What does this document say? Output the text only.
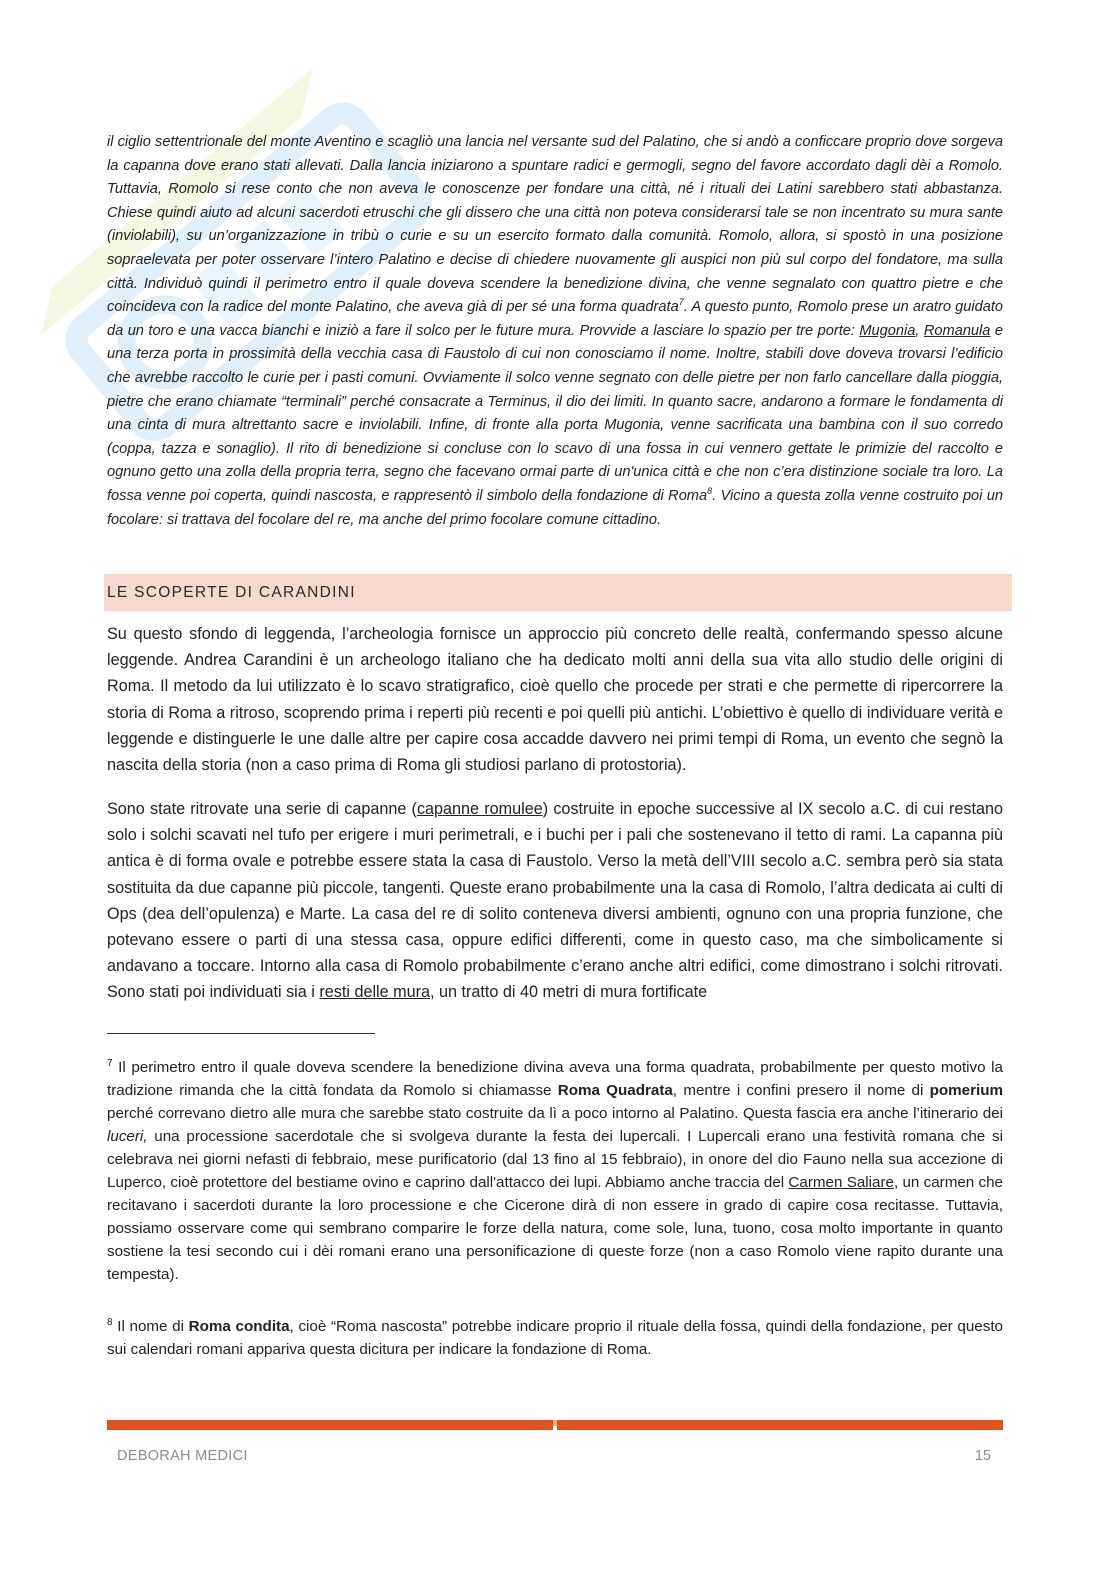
il ciglio settentrionale del monte Aventino e scagliò una lancia nel versante sud del Palatino, che si andò a conficcare proprio dove sorgeva la capanna dove erano stati allevati. Dalla lancia iniziarono a spuntare radici e germogli, segno del favore accordato dagli dèi a Romolo. Tuttavia, Romolo si rese conto che non aveva le conoscenze per fondare una città, né i rituali dei Latini sarebbero stati abbastanza. Chiese quindi aiuto ad alcuni sacerdoti etruschi che gli dissero che una città non poteva considerarsi tale se non incentrato su mura sante (inviolabili), su un’organizzazione in tribù o curie e su un esercito formato dalla comunità. Romolo, allora, si spostò in una posizione sopraelevata per poter osservare l’intero Palatino e decise di chiedere nuovamente gli auspici non più sul corpo del fondatore, ma sulla città. Individuò quindi il perimetro entro il quale doveva scendere la benedizione divina, che venne segnalato con quattro pietre e che coincideva con la radice del monte Palatino, che aveva già di per sé una forma quadrata$^7$. A questo punto, Romolo prese un aratro guidato da un toro e una vacca bianchi e iniziò a fare il solco per le future mura. Provvide a lasciare lo spazio per tre porte: Mugonia, Romanula e una terza porta in prossimità della vecchia casa di Faustolo di cui non conosciamo il nome. Inoltre, stabilì dove doveva trovarsi l’edificio che avrebbe raccolto le curie per i pasti comuni. Ovviamente il solco venne segnato con delle pietre per non farlo cancellare dalla pioggia, pietre che erano chiamate “terminali” perché consacrate a Terminus, il dio dei limiti. In quanto sacre, andarono a formare le fondamenta di una cinta di mura altrettanto sacre e inviolabili. Infine, di fronte alla porta Mugonia, venne sacrificata una bambina con il suo corredo (coppa, tazza e sonaglio). Il rito di benedizione si concluse con lo scavo di una fossa in cui vennero gettate le primizie del raccolto e ognuno getto una zolla della propria terra, segno che facevano ormai parte di un'unica città e che non c’era distinzione sociale tra loro. La fossa venne poi coperta, quindi nascosta, e rappresentò il simbolo della fondazione di Roma$^8$. Vicino a questa zolla venne costruito poi un focolare: si trattava del focolare del re, ma anche del primo focolare comune cittadino.
LE SCOPERTE DI CARANDINI
Su questo sfondo di leggenda, l’archeologia fornisce un approccio più concreto delle realtà, confermando spesso alcune leggende. Andrea Carandini è un archeologo italiano che ha dedicato molti anni della sua vita allo studio delle origini di Roma. Il metodo da lui utilizzato è lo scavo stratigrafico, cioè quello che procede per strati e che permette di ripercorrere la storia di Roma a ritroso, scoprendo prima i reperti più recenti e poi quelli più antichi. L’obiettivo è quello di individuare verità e leggende e distinguerle le une dalle altre per capire cosa accadde davvero nei primi tempi di Roma, un evento che segnò la nascita della storia (non a caso prima di Roma gli studiosi parlano di protostoria).
Sono state ritrovate una serie di capanne (capanne romulee) costruite in epoche successive al IX secolo a.C. di cui restano solo i solchi scavati nel tufo per erigere i muri perimetrali, e i buchi per i pali che sostenevano il tetto di rami. La capanna più antica è di forma ovale e potrebbe essere stata la casa di Faustolo. Verso la metà dell’VIII secolo a.C. sembra però sia stata sostituita da due capanne più piccole, tangenti. Queste erano probabilmente una la casa di Romolo, l’altra dedicata ai culti di Ops (dea dell’opulenza) e Marte. La casa del re di solito conteneva diversi ambienti, ognuno con una propria funzione, che potevano essere o parti di una stessa casa, oppure edifici differenti, come in questo caso, ma che simbolicamente si andavano a toccare. Intorno alla casa di Romolo probabilmente c’erano anche altri edifici, come dimostrano i solchi ritrovati. Sono stati poi individuati sia i resti delle mura, un tratto di 40 metri di mura fortificate
$^7$ Il perimetro entro il quale doveva scendere la benedizione divina aveva una forma quadrata, probabilmente per questo motivo la tradizione rimanda che la città fondata da Romolo si chiamasse Roma Quadrata, mentre i confini presero il nome di pomerium perché correvano dietro alle mura che sarebbe stato costruite da lì a poco intorno al Palatino. Questa fascia era anche l’itinerario dei luceri, una processione sacerdotale che si svolgeva durante la festa dei lupercali. I Lupercali erano una festività romana che si celebrava nei giorni nefasti di febbraio, mese purificatorio (dal 13 fino al 15 febbraio), in onore del dio Fauno nella sua accezione di Luperco, cioè protettore del bestiame ovino e caprino dall'attacco dei lupi. Abbiamo anche traccia del Carmen Saliare, un carmen che recitavano i sacerdoti durante la loro processione e che Cicerone dirà di non essere in grado di capire cosa recitasse. Tuttavia, possiamo osservare come qui sembrano comparire le forze della natura, come sole, luna, tuono, cosa molto importante in quanto sostiene la tesi secondo cui i dèi romani erano una personificazione di queste forze (non a caso Romolo viene rapito durante una tempesta).
$^8$ Il nome di Roma condita, cioè “Roma nascosta” potrebbe indicare proprio il rituale della fossa, quindi della fondazione, per questo sui calendari romani appariva questa dicitura per indicare la fondazione di Roma.
DEBORAH MEDICI	15
